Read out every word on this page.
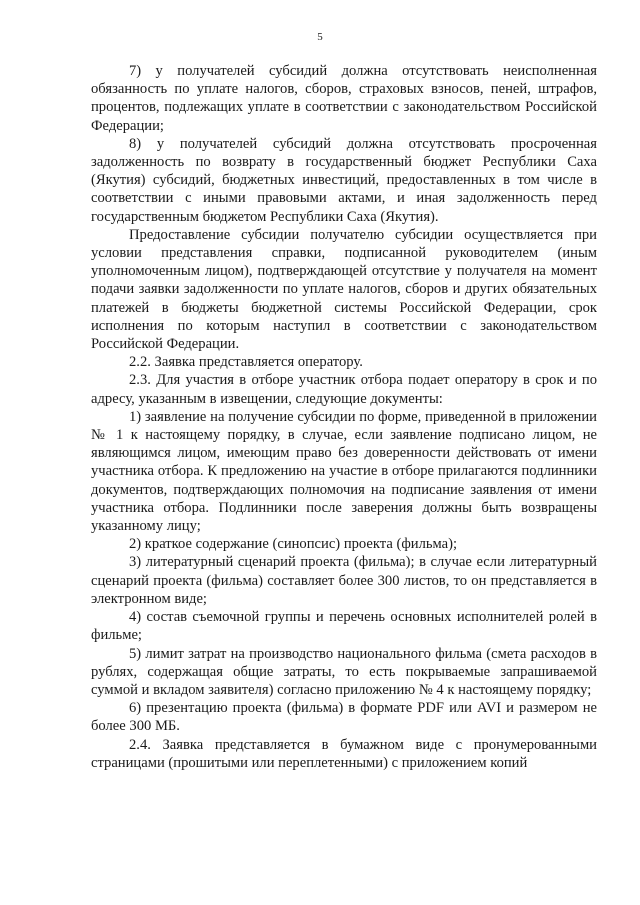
5

7) у получателей субсидий должна отсутствовать неисполненная обязанность по уплате налогов, сборов, страховых взносов, пеней, штрафов, процентов, подлежащих уплате в соответствии с законодательством Российской Федерации;

8) у получателей субсидий должна отсутствовать просроченная задолженность по возврату в государственный бюджет Республики Саха (Якутия) субсидий, бюджетных инвестиций, предоставленных в том числе в соответствии с иными правовыми актами, и иная задолженность перед государственным бюджетом Республики Саха (Якутия).

Предоставление субсидии получателю субсидии осуществляется при условии представления справки, подписанной руководителем (иным уполномоченным лицом), подтверждающей отсутствие у получателя на момент подачи заявки задолженности по уплате налогов, сборов и других обязательных платежей в бюджеты бюджетной системы Российской Федерации, срок исполнения по которым наступил в соответствии с законодательством Российской Федерации.

2.2. Заявка представляется оператору.

2.3. Для участия в отборе участник отбора подает оператору в срок и по адресу, указанным в извещении, следующие документы:

1) заявление на получение субсидии по форме, приведенной в приложении № 1 к настоящему порядку, в случае, если заявление подписано лицом, не являющимся лицом, имеющим право без доверенности действовать от имени участника отбора. К предложению на участие в отборе прилагаются подлинники документов, подтверждающих полномочия на подписание заявления от имени участника отбора. Подлинники после заверения должны быть возвращены указанному лицу;

2) краткое содержание (синопсис) проекта (фильма);

3) литературный сценарий проекта (фильма); в случае если литературный сценарий проекта (фильма) составляет более 300 листов, то он представляется в электронном виде;

4) состав съемочной группы и перечень основных исполнителей ролей в фильме;

5) лимит затрат на производство национального фильма (смета расходов в рублях, содержащая общие затраты, то есть покрываемые запрашиваемой суммой и вкладом заявителя) согласно приложению № 4 к настоящему порядку;

6) презентацию проекта (фильма) в формате PDF или AVI и размером не более 300 МБ.

2.4. Заявка представляется в бумажном виде с пронумерованными страницами (прошитыми или переплетенными) с приложением копий
